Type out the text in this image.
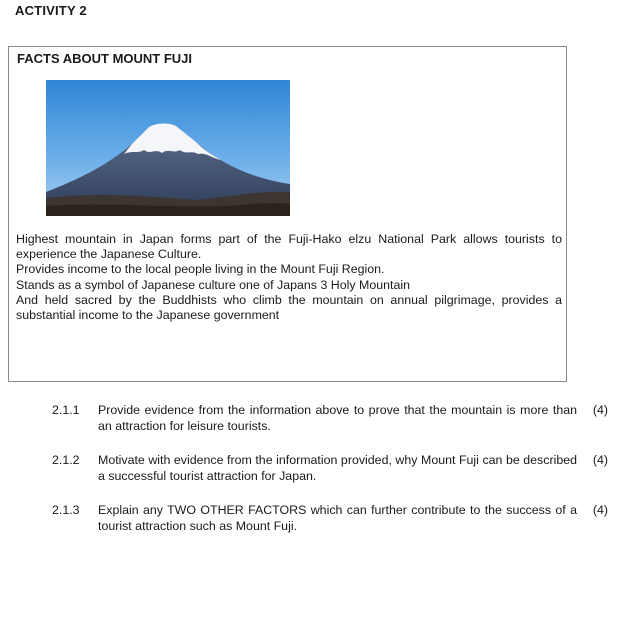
ACTIVITY 2
FACTS ABOUT MOUNT FUJI

Highest mountain in Japan forms part of the Fuji-Hako elzu National Park allows tourists to experience the Japanese Culture.

Provides income to the local people living in the Mount Fuji Region.

Stands as a symbol of Japanese culture one of Japans 3 Holy Mountain

And held sacred by the Buddhists who climb the mountain on annual pilgrimage, provides a substantial income to the Japanese government

2.1.1 Provide evidence from the information above to prove that the mountain is more than an attraction for leisure tourists.
(4)
2.1.2 Motivate with evidence from the information provided, why Mount Fuji can be described a successful tourist attraction for Japan.
(4)
2.1.3 Explain any TWO OTHER FACTORS which can further contribute to the success of a tourist attraction such as Mount Fuji.
(4)
